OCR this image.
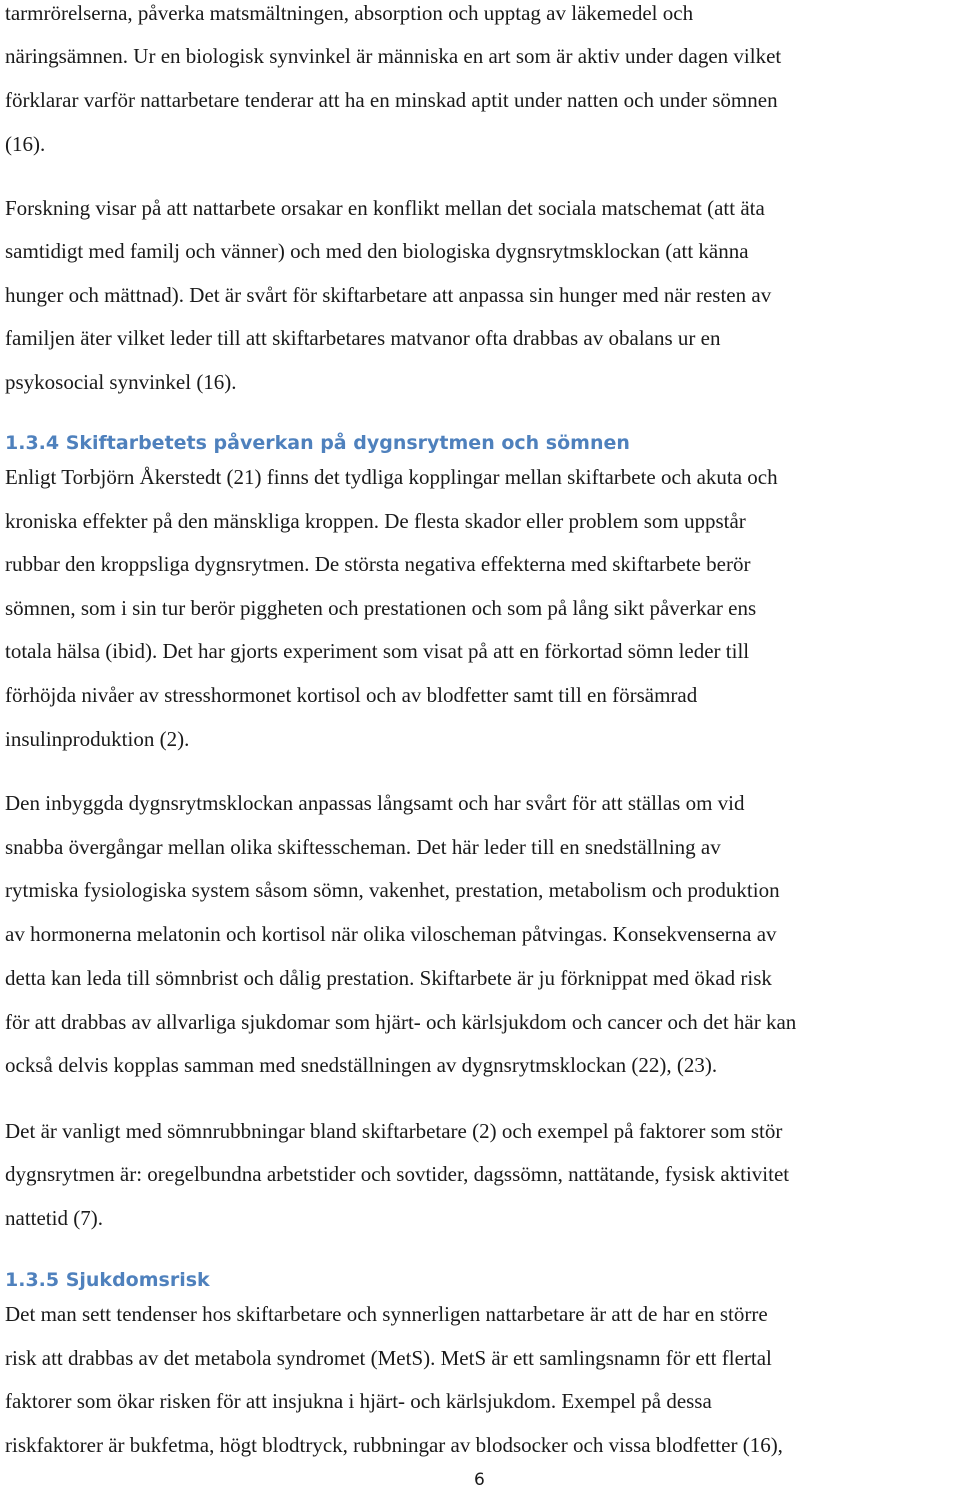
tarmrörelserna, påverka matsmältningen, absorption och upptag av läkemedel och
näringsämnen. Ur en biologisk synvinkel är människa en art som är aktiv under dagen vilket
förklarar varför nattarbetare tenderar att ha en minskad aptit under natten och under sömnen
(16).
Forskning visar på att nattarbete orsakar en konflikt mellan det sociala matschemat (att äta
samtidigt med familj och vänner) och med den biologiska dygnsrytmsklockan (att känna
hunger och mättnad). Det är svårt för skiftarbetare att anpassa sin hunger med när resten av
familjen äter vilket leder till att skiftarbetares matvanor ofta drabbas av obalans ur en
psykosocial synvinkel (16).
1.3.4 Skiftarbetets påverkan på dygnsrytmen och sömnen
Enligt Torbjörn Åkerstedt (21) finns det tydliga kopplingar mellan skiftarbete och akuta och
kroniska effekter på den mänskliga kroppen. De flesta skador eller problem som uppstår
rubbar den kroppsliga dygnsrytmen. De största negativa effekterna med skiftarbete berör
sömnen, som i sin tur berör piggheten och prestationen och som på lång sikt påverkar ens
totala hälsa (ibid). Det har gjorts experiment som visat på att en förkortad sömn leder till
förhöjda nivåer av stresshormonet kortisol och av blodfetter samt till en försämrad
insulinproduktion (2).
Den inbyggda dygnsrytmsklockan anpassas långsamt och har svårt för att ställas om vid
snabba övergångar mellan olika skiftesscheman. Det här leder till en snedställning av
rytmiska fysiologiska system såsom sömn, vakenhet, prestation, metabolism och produktion
av hormonerna melatonin och kortisol när olika viloscheman påtvingas. Konsekvenserna av
detta kan leda till sömnbrist och dålig prestation. Skiftarbete är ju förknippat med ökad risk
för att drabbas av allvarliga sjukdomar som hjärt- och kärlsjukdom och cancer och det här kan
också delvis kopplas samman med snedställningen av dygnsrytmsklockan (22), (23).
Det är vanligt med sömnrubbningar bland skiftarbetare (2) och exempel på faktorer som stör
dygnsrytmen är: oregelbundna arbetstider och sovtider, dagssömn, nattätande, fysisk aktivitet
nattetid (7).
1.3.5 Sjukdomsrisk
Det man sett tendenser hos skiftarbetare och synnerligen nattarbetare är att de har en större
risk att drabbas av det metabola syndromet (MetS). MetS är ett samlingsnamn för ett flertal
faktorer som ökar risken för att insjukna i hjärt- och kärlsjukdom. Exempel på dessa
riskfaktorer är bukfetma, högt blodtryck, rubbningar av blodsocker och vissa blodfetter (16),
6
